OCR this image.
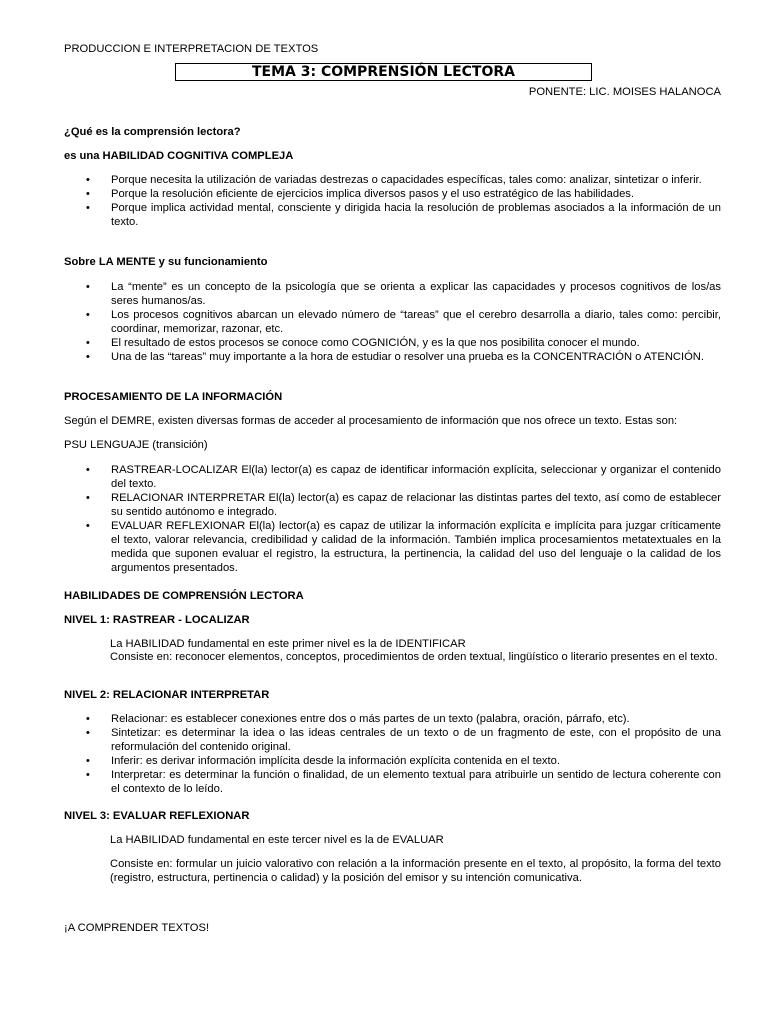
PRODUCCION E INTERPRETACION DE TEXTOS

TEMA 3: COMPRENSIÓN LECTORA

PONENTE: LIC. MOISES HALANOCA

¿Qué es la comprensión lectora?

es una HABILIDAD COGNITIVA COMPLEJA

•	Porque necesita la utilización de variadas destrezas o capacidades específicas, tales como: analizar, sintetizar o inferir.
•	Porque la resolución eficiente de ejercicios implica diversos pasos y el uso estratégico de las habilidades.
•	Porque implica actividad mental, consciente y dirigida hacia la resolución de problemas asociados a la información de un texto.

Sobre LA MENTE y su funcionamiento

•	La “mente” es un concepto de la psicología que se orienta a explicar las capacidades y procesos cognitivos de los/as seres humanos/as.
•	Los procesos cognitivos abarcan un elevado número de “tareas” que el cerebro desarrolla a diario, tales como: percibir, coordinar, memorizar, razonar, etc.
•	El resultado de estos procesos se conoce como COGNICIÓN, y es la que nos posibilita conocer el mundo.
•	Una de las “tareas” muy importante a la hora de estudiar o resolver una prueba es la CONCENTRACIÓN o ATENCIÓN.

PROCESAMIENTO DE LA INFORMACIÓN

Según el DEMRE, existen diversas formas de acceder al procesamiento de información que nos ofrece un texto. Estas son:

PSU LENGUAJE (transición)

•	RASTREAR-LOCALIZAR El(la) lector(a) es capaz de identificar información explícita, seleccionar y organizar el contenido del texto.
•	RELACIONAR INTERPRETAR El(la) lector(a) es capaz de relacionar las distintas partes del texto, así como de establecer su sentido autónomo e integrado.
•	EVALUAR REFLEXIONAR El(la) lector(a) es capaz de utilizar la información explícita e implícita para juzgar críticamente el texto, valorar relevancia, credibilidad y calidad de la información. También implica procesamientos metatextuales en la medida que suponen evaluar el registro, la estructura, la pertinencia, la calidad del uso del lenguaje o la calidad de los argumentos presentados.

HABILIDADES DE COMPRENSIÓN LECTORA

NIVEL 1: RASTREAR - LOCALIZAR

La HABILIDAD fundamental en este primer nivel es la de IDENTIFICAR

Consiste en: reconocer elementos, conceptos, procedimientos de orden textual, lingüístico o literario presentes en el texto.

NIVEL 2: RELACIONAR INTERPRETAR

•	Relacionar: es establecer conexiones entre dos o más partes de un texto (palabra, oración, párrafo, etc).
•	Sintetizar: es determinar la idea o las ideas centrales de un texto o de un fragmento de este, con el propósito de una reformulación del contenido original.
•	Inferir: es derivar información implícita desde la información explícita contenida en el texto.
•	Interpretar: es determinar la función o finalidad, de un elemento textual para atribuirle un sentido de lectura coherente con el contexto de lo leído.

NIVEL 3: EVALUAR REFLEXIONAR

La HABILIDAD fundamental en este tercer nivel es la de EVALUAR

Consiste en: formular un juicio valorativo con relación a la información presente en el texto, al propósito, la forma del texto (registro, estructura, pertinencia o calidad) y la posición del emisor y su intención comunicativa.

¡A COMPRENDER TEXTOS!
